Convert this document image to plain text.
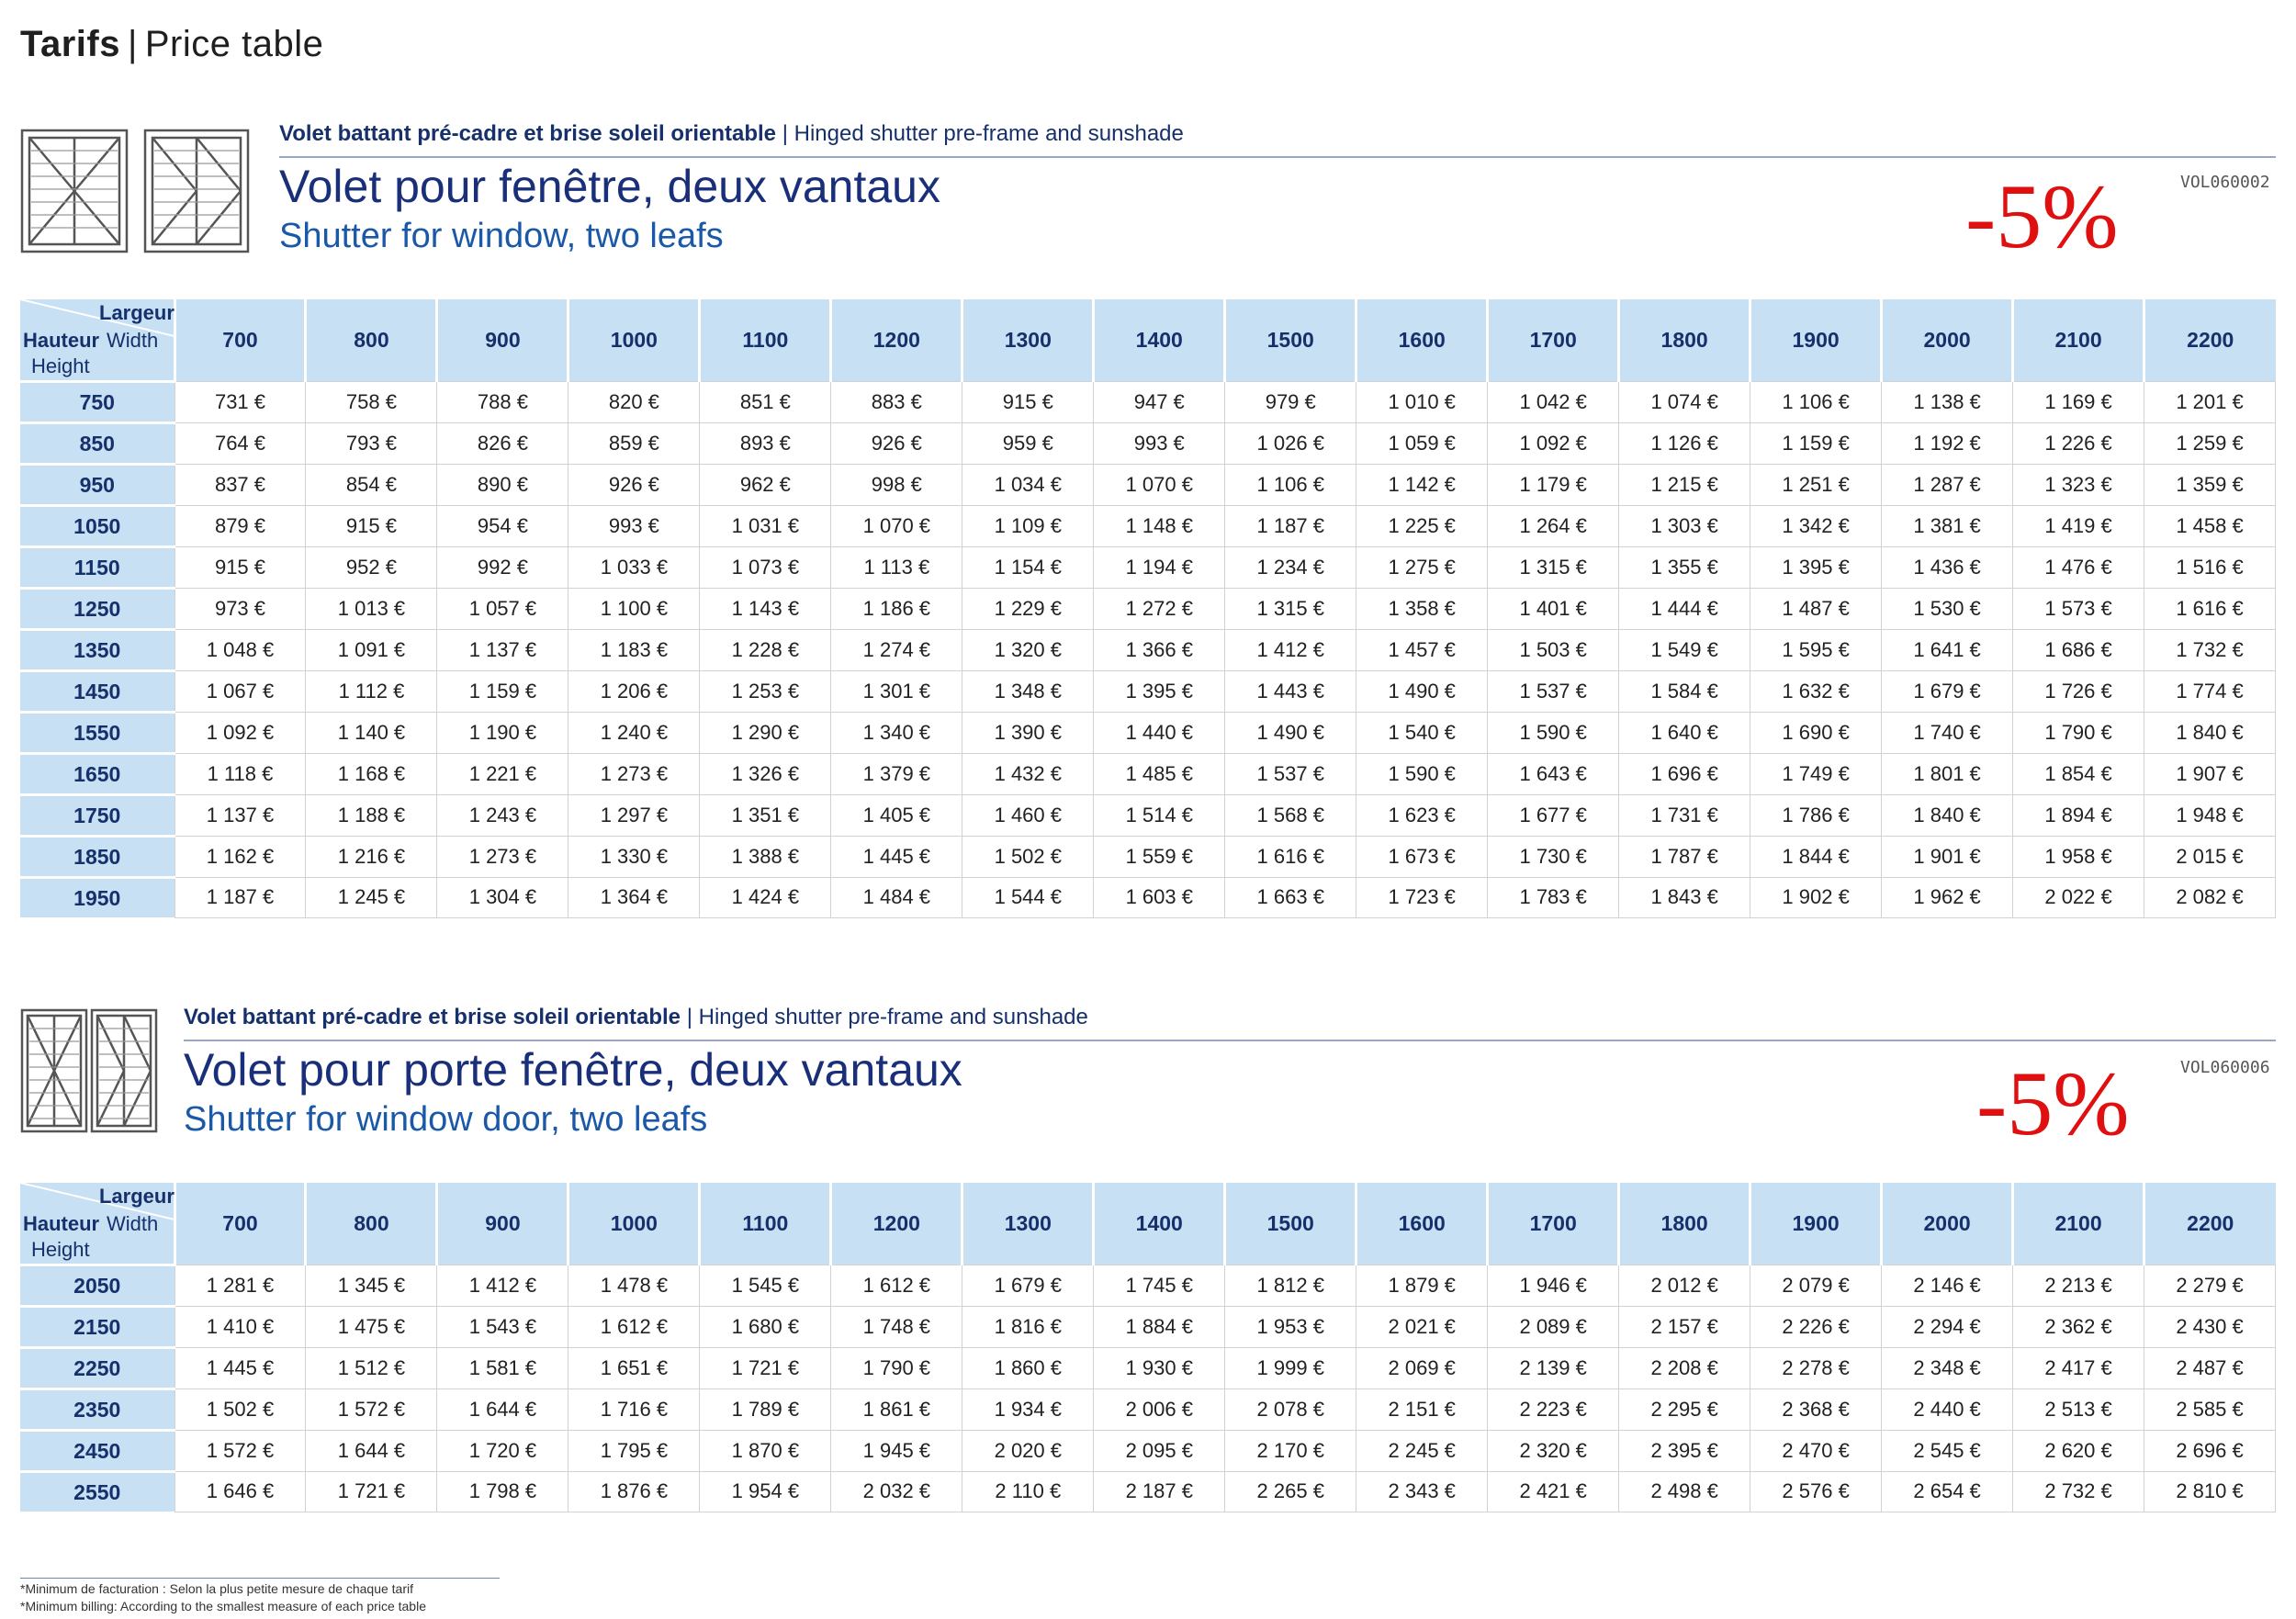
Tarifs | Price table
Volet battant pré-cadre et brise soleil orientable | Hinged shutter pre-frame and sunshade
Volet pour fenêtre, deux vantaux
Shutter for window, two leafs
VOL060002
-5%
Largeur
Hauteur Width
Height	700	800	900	1000	1100	1200	1300	1400	1500	1600	1700	1800	1900	2000	2100	2200
750	731 €	758 €	788 €	820 €	851 €	883 €	915 €	947 €	979 €	1 010 €	1 042 €	1 074 €	1 106 €	1 138 €	1 169 €	1 201 €
850	764 €	793 €	826 €	859 €	893 €	926 €	959 €	993 €	1 026 €	1 059 €	1 092 €	1 126 €	1 159 €	1 192 €	1 226 €	1 259 €
950	837 €	854 €	890 €	926 €	962 €	998 €	1 034 €	1 070 €	1 106 €	1 142 €	1 179 €	1 215 €	1 251 €	1 287 €	1 323 €	1 359 €
1050	879 €	915 €	954 €	993 €	1 031 €	1 070 €	1 109 €	1 148 €	1 187 €	1 225 €	1 264 €	1 303 €	1 342 €	1 381 €	1 419 €	1 458 €
1150	915 €	952 €	992 €	1 033 €	1 073 €	1 113 €	1 154 €	1 194 €	1 234 €	1 275 €	1 315 €	1 355 €	1 395 €	1 436 €	1 476 €	1 516 €
1250	973 €	1 013 €	1 057 €	1 100 €	1 143 €	1 186 €	1 229 €	1 272 €	1 315 €	1 358 €	1 401 €	1 444 €	1 487 €	1 530 €	1 573 €	1 616 €
1350	1 048 €	1 091 €	1 137 €	1 183 €	1 228 €	1 274 €	1 320 €	1 366 €	1 412 €	1 457 €	1 503 €	1 549 €	1 595 €	1 641 €	1 686 €	1 732 €
1450	1 067 €	1 112 €	1 159 €	1 206 €	1 253 €	1 301 €	1 348 €	1 395 €	1 443 €	1 490 €	1 537 €	1 584 €	1 632 €	1 679 €	1 726 €	1 774 €
1550	1 092 €	1 140 €	1 190 €	1 240 €	1 290 €	1 340 €	1 390 €	1 440 €	1 490 €	1 540 €	1 590 €	1 640 €	1 690 €	1 740 €	1 790 €	1 840 €
1650	1 118 €	1 168 €	1 221 €	1 273 €	1 326 €	1 379 €	1 432 €	1 485 €	1 537 €	1 590 €	1 643 €	1 696 €	1 749 €	1 801 €	1 854 €	1 907 €
1750	1 137 €	1 188 €	1 243 €	1 297 €	1 351 €	1 405 €	1 460 €	1 514 €	1 568 €	1 623 €	1 677 €	1 731 €	1 786 €	1 840 €	1 894 €	1 948 €
1850	1 162 €	1 216 €	1 273 €	1 330 €	1 388 €	1 445 €	1 502 €	1 559 €	1 616 €	1 673 €	1 730 €	1 787 €	1 844 €	1 901 €	1 958 €	2 015 €
1950	1 187 €	1 245 €	1 304 €	1 364 €	1 424 €	1 484 €	1 544 €	1 603 €	1 663 €	1 723 €	1 783 €	1 843 €	1 902 €	1 962 €	2 022 €	2 082 €
Volet battant pré-cadre et brise soleil orientable | Hinged shutter pre-frame and sunshade
Volet pour porte fenêtre, deux vantaux
Shutter for window door, two leafs
VOL060006
-5%
Largeur
Hauteur Width
Height	700	800	900	1000	1100	1200	1300	1400	1500	1600	1700	1800	1900	2000	2100	2200
2050	1 281 €	1 345 €	1 412 €	1 478 €	1 545 €	1 612 €	1 679 €	1 745 €	1 812 €	1 879 €	1 946 €	2 012 €	2 079 €	2 146 €	2 213 €	2 279 €
2150	1 410 €	1 475 €	1 543 €	1 612 €	1 680 €	1 748 €	1 816 €	1 884 €	1 953 €	2 021 €	2 089 €	2 157 €	2 226 €	2 294 €	2 362 €	2 430 €
2250	1 445 €	1 512 €	1 581 €	1 651 €	1 721 €	1 790 €	1 860 €	1 930 €	1 999 €	2 069 €	2 139 €	2 208 €	2 278 €	2 348 €	2 417 €	2 487 €
2350	1 502 €	1 572 €	1 644 €	1 716 €	1 789 €	1 861 €	1 934 €	2 006 €	2 078 €	2 151 €	2 223 €	2 295 €	2 368 €	2 440 €	2 513 €	2 585 €
2450	1 572 €	1 644 €	1 720 €	1 795 €	1 870 €	1 945 €	2 020 €	2 095 €	2 170 €	2 245 €	2 320 €	2 395 €	2 470 €	2 545 €	2 620 €	2 696 €
2550	1 646 €	1 721 €	1 798 €	1 876 €	1 954 €	2 032 €	2 110 €	2 187 €	2 265 €	2 343 €	2 421 €	2 498 €	2 576 €	2 654 €	2 732 €	2 810 €
*Minimum de facturation : Selon la plus petite mesure de chaque tarif
*Minimum billing: According to the smallest measure of each price table
